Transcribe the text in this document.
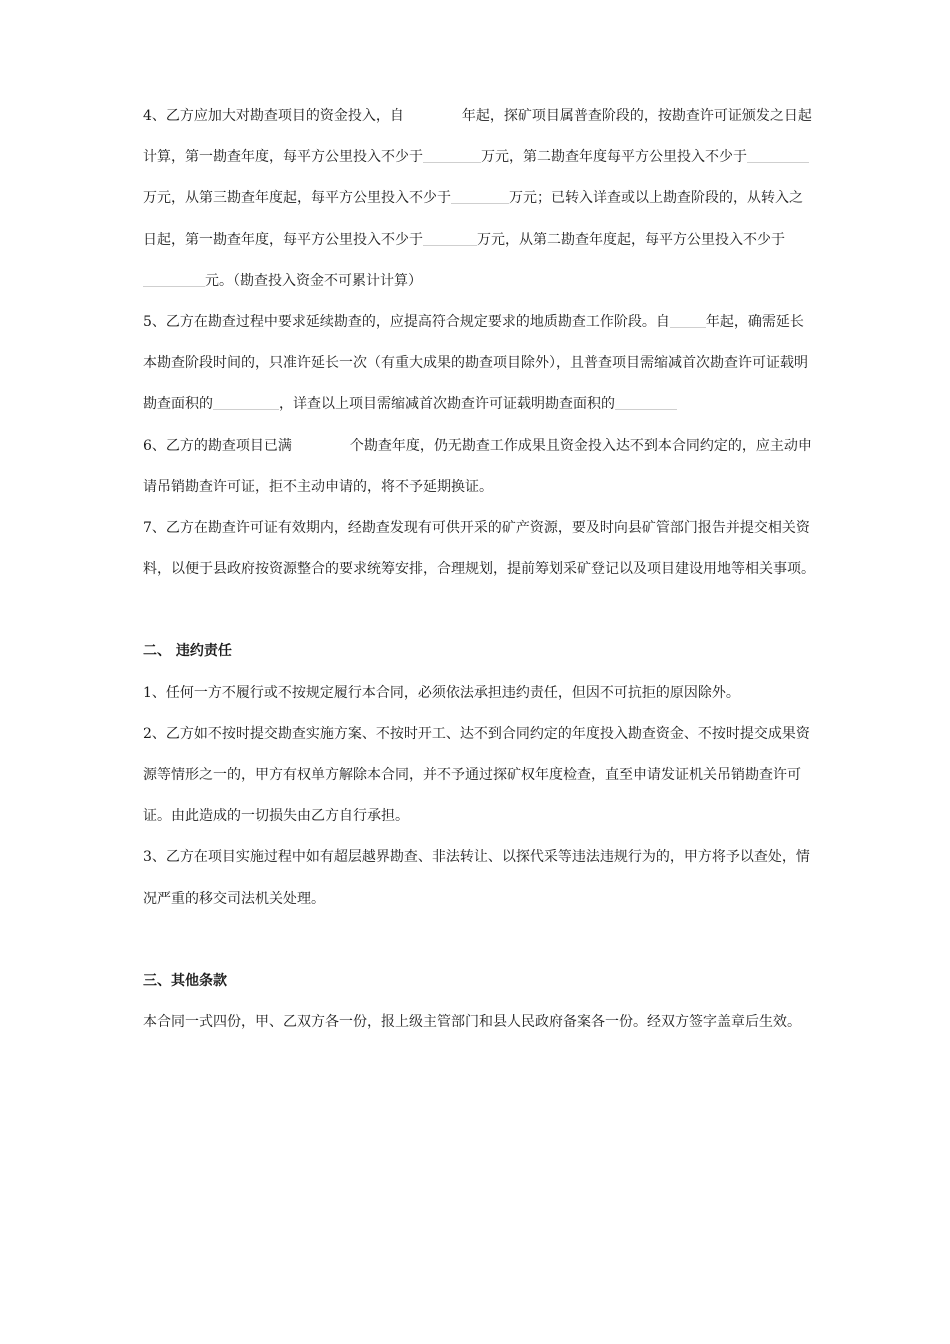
4、乙方应加大对勘查项目的资金投入，自	年起，探矿项目属普查阶段的，按勘查许可证颁发之日起计算，第一勘查年度，每平方公里投入不少于	万元，第二勘查年度每平方公里投入不少于万元，从第三勘查年度起，每平方公里投入不少于	万元；已转入详查或以上勘查阶段的，从转入之日起，第一勘查年度，每平方公里投入不少于	万元，从第二勘查年度起，每平方公里投入不少于元。（勘查投入资金不可累计计算）

5、乙方在勘查过程中要求延续勘查的，应提高符合规定要求的地质勘查工作阶段。自	年起，确需延长本勘查阶段时间的，只准许延长一次（有重大成果的勘查项目除外），且普查项目需缩减首次勘查许可证载明勘查面积的	，详查以上项目需缩减首次勘查许可证载明勘查面积的

6、乙方的勘查项目已满	个勘查年度，仍无勘查工作成果且资金投入达不到本合同约定的，应主动申请吊销勘查许可证，拒不主动申请的，将不予延期换证。

7、乙方在勘查许可证有效期内，经勘查发现有可供开采的矿产资源，要及时向县矿管部门报告并提交相关资料，以便于县政府按资源整合的要求统筹安排，合理规划，提前筹划采矿登记以及项目建设用地等相关事项。

二、 违约责任

1、任何一方不履行或不按规定履行本合同，必须依法承担违约责任，但因不可抗拒的原因除外。

2、乙方如不按时提交勘查实施方案、不按时开工、达不到合同约定的年度投入勘查资金、不按时提交成果资源等情形之一的，甲方有权单方解除本合同，并不予通过探矿权年度检查，直至申请发证机关吊销勘查许可证。由此造成的一切损失由乙方自行承担。

3、乙方在项目实施过程中如有超层越界勘查、非法转让、以探代采等违法违规行为的，甲方将予以查处，情况严重的移交司法机关处理。

三、其他条款

本合同一式四份，甲、乙双方各一份，报上级主管部门和县人民政府备案各一份。经双方签字盖章后生效。
